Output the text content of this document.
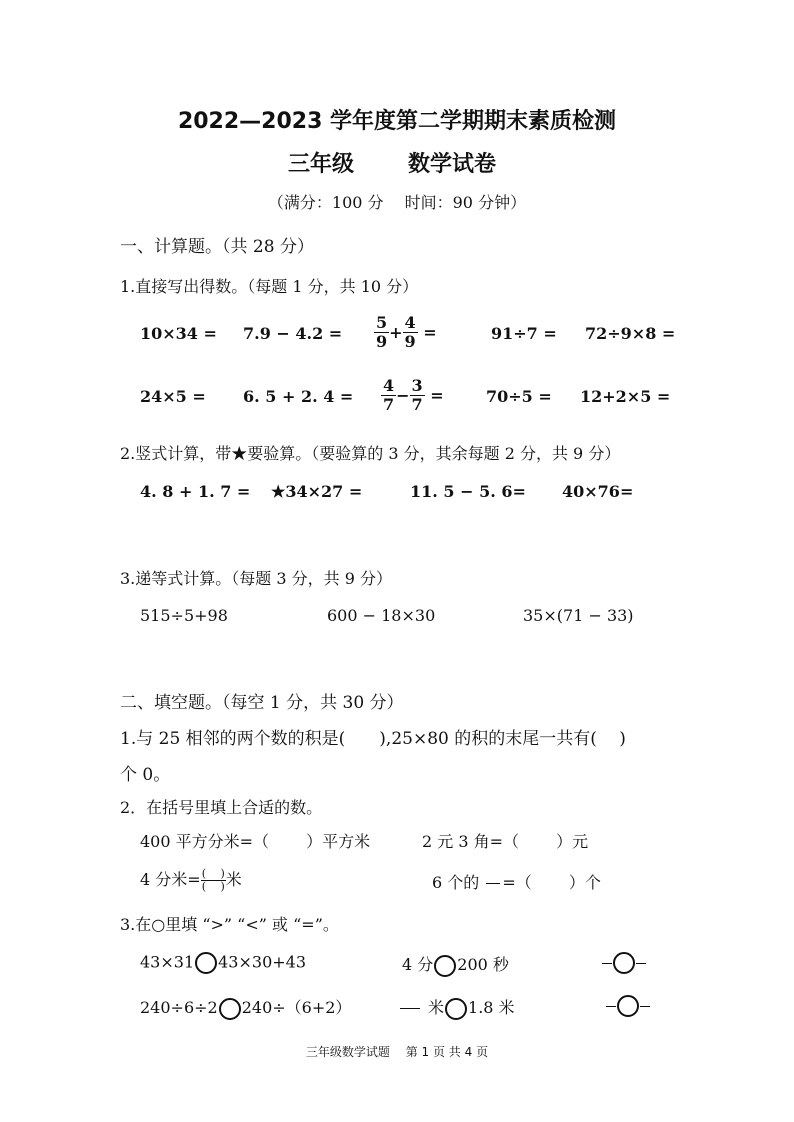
2022—2023 学年度第二学期期末素质检测
三年级 数学试卷
（满分：100 分　 时间：90 分钟）
一、计算题。（共 28 分）
1.直接写出得数。（每题 1 分，共 10 分）
$10\times 34 = 7.9 - 4.2 = \frac{5}{9} + \frac{4}{9}$ =	91÷7 = 72÷9×8 =
24×5 = 6. 5 + 2. $4 = \frac{4}{7} - \frac{3}{7}$ =	70÷5 = 12+2×5 =
2.竖式计算，带★要验算。（要验算的 3 分，其余每题 2 分，共 9 分）
4. 8 + 1. 7 = ★34×27 =	11. 5 − 5. 6= 40×76=
3.递等式计算。（每题 3 分，共 9 分）
515÷5+98	600 − 18×30	35×(71 − 33)
二、填空题。（每空 1 分，共 30 分）
1.与 25 相邻的两个数的积是(　　),25×80 的积的末尾一共有(　 )
个 0。
2．在括号里填上合适的数。
400 平方分米=（　　 ）平方米	2 元 3 角=（　　 ）元
4 分米= $\frac{( )}{( )}$ 米	6 个的 =（　　 ）个
3.在○里填 “>” “<” 或 “=”。
43×31 43×30+43	4 分 200 秒
240÷6÷2 240÷（6+2）	米 1.8 米
三年级数学试题　 第 1 页 共 4 页
